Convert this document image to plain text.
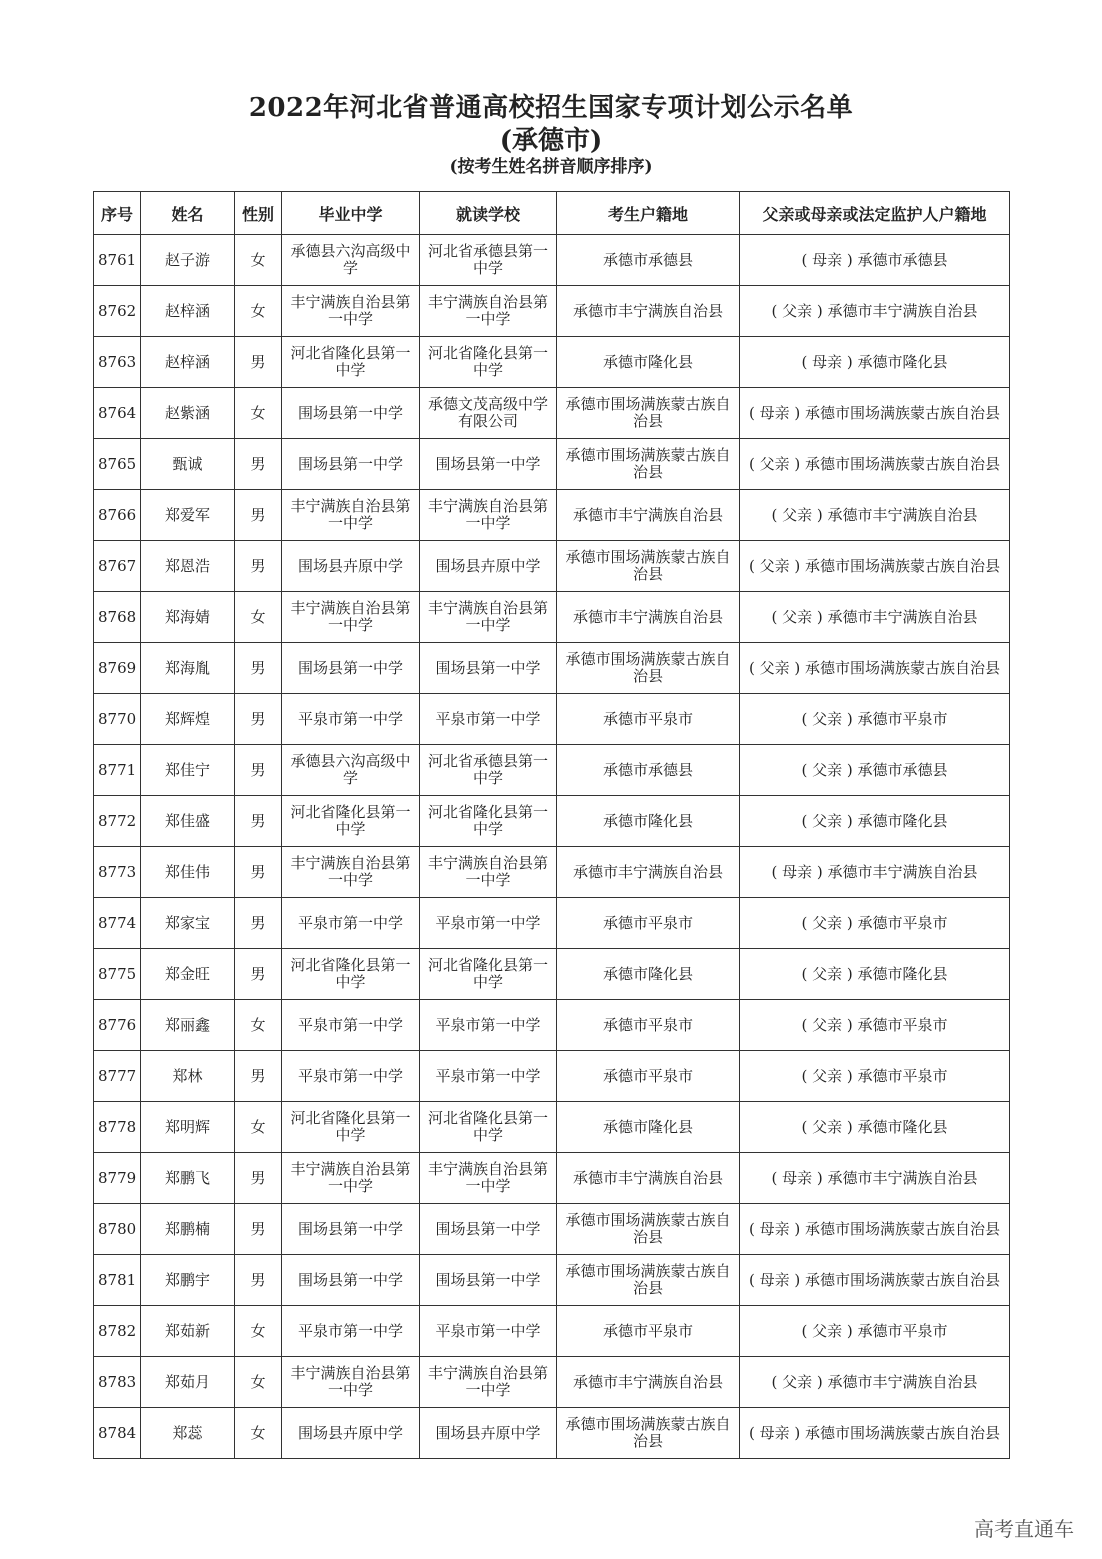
2022年河北省普通高校招生国家专项计划公示名单
(承德市)
(按考生姓名拼音顺序排序)
序号	姓名	性别	毕业中学	就读学校	考生户籍地	父亲或母亲或法定监护人户籍地
8761	赵子游	女	承德县六沟高级中学	河北省承德县第一中学	承德市承德县	( 母亲 ) 承德市承德县
8762	赵梓涵	女	丰宁满族自治县第一中学	丰宁满族自治县第一中学	承德市丰宁满族自治县	( 父亲 ) 承德市丰宁满族自治县
8763	赵梓涵	男	河北省隆化县第一中学	河北省隆化县第一中学	承德市隆化县	( 母亲 ) 承德市隆化县
8764	赵紫涵	女	围场县第一中学	承德文茂高级中学有限公司	承德市围场满族蒙古族自治县	( 母亲 ) 承德市围场满族蒙古族自治县
8765	甄诚	男	围场县第一中学	围场县第一中学	承德市围场满族蒙古族自治县	( 父亲 ) 承德市围场满族蒙古族自治县
8766	郑爱军	男	丰宁满族自治县第一中学	丰宁满族自治县第一中学	承德市丰宁满族自治县	( 父亲 ) 承德市丰宁满族自治县
8767	郑恩浩	男	围场县卉原中学	围场县卉原中学	承德市围场满族蒙古族自治县	( 父亲 ) 承德市围场满族蒙古族自治县
8768	郑海婧	女	丰宁满族自治县第一中学	丰宁满族自治县第一中学	承德市丰宁满族自治县	( 父亲 ) 承德市丰宁满族自治县
8769	郑海胤	男	围场县第一中学	围场县第一中学	承德市围场满族蒙古族自治县	( 父亲 ) 承德市围场满族蒙古族自治县
8770	郑辉煌	男	平泉市第一中学	平泉市第一中学	承德市平泉市	( 父亲 ) 承德市平泉市
8771	郑佳宁	男	承德县六沟高级中学	河北省承德县第一中学	承德市承德县	( 父亲 ) 承德市承德县
8772	郑佳盛	男	河北省隆化县第一中学	河北省隆化县第一中学	承德市隆化县	( 父亲 ) 承德市隆化县
8773	郑佳伟	男	丰宁满族自治县第一中学	丰宁满族自治县第一中学	承德市丰宁满族自治县	( 母亲 ) 承德市丰宁满族自治县
8774	郑家宝	男	平泉市第一中学	平泉市第一中学	承德市平泉市	( 父亲 ) 承德市平泉市
8775	郑金旺	男	河北省隆化县第一中学	河北省隆化县第一中学	承德市隆化县	( 父亲 ) 承德市隆化县
8776	郑丽鑫	女	平泉市第一中学	平泉市第一中学	承德市平泉市	( 父亲 ) 承德市平泉市
8777	郑林	男	平泉市第一中学	平泉市第一中学	承德市平泉市	( 父亲 ) 承德市平泉市
8778	郑明辉	女	河北省隆化县第一中学	河北省隆化县第一中学	承德市隆化县	( 父亲 ) 承德市隆化县
8779	郑鹏飞	男	丰宁满族自治县第一中学	丰宁满族自治县第一中学	承德市丰宁满族自治县	( 母亲 ) 承德市丰宁满族自治县
8780	郑鹏楠	男	围场县第一中学	围场县第一中学	承德市围场满族蒙古族自治县	( 母亲 ) 承德市围场满族蒙古族自治县
8781	郑鹏宇	男	围场县第一中学	围场县第一中学	承德市围场满族蒙古族自治县	( 母亲 ) 承德市围场满族蒙古族自治县
8782	郑茹新	女	平泉市第一中学	平泉市第一中学	承德市平泉市	( 父亲 ) 承德市平泉市
8783	郑茹月	女	丰宁满族自治县第一中学	丰宁满族自治县第一中学	承德市丰宁满族自治县	( 父亲 ) 承德市丰宁满族自治县
8784	郑蕊	女	围场县卉原中学	围场县卉原中学	承德市围场满族蒙古族自治县	( 母亲 ) 承德市围场满族蒙古族自治县
高考直通车
